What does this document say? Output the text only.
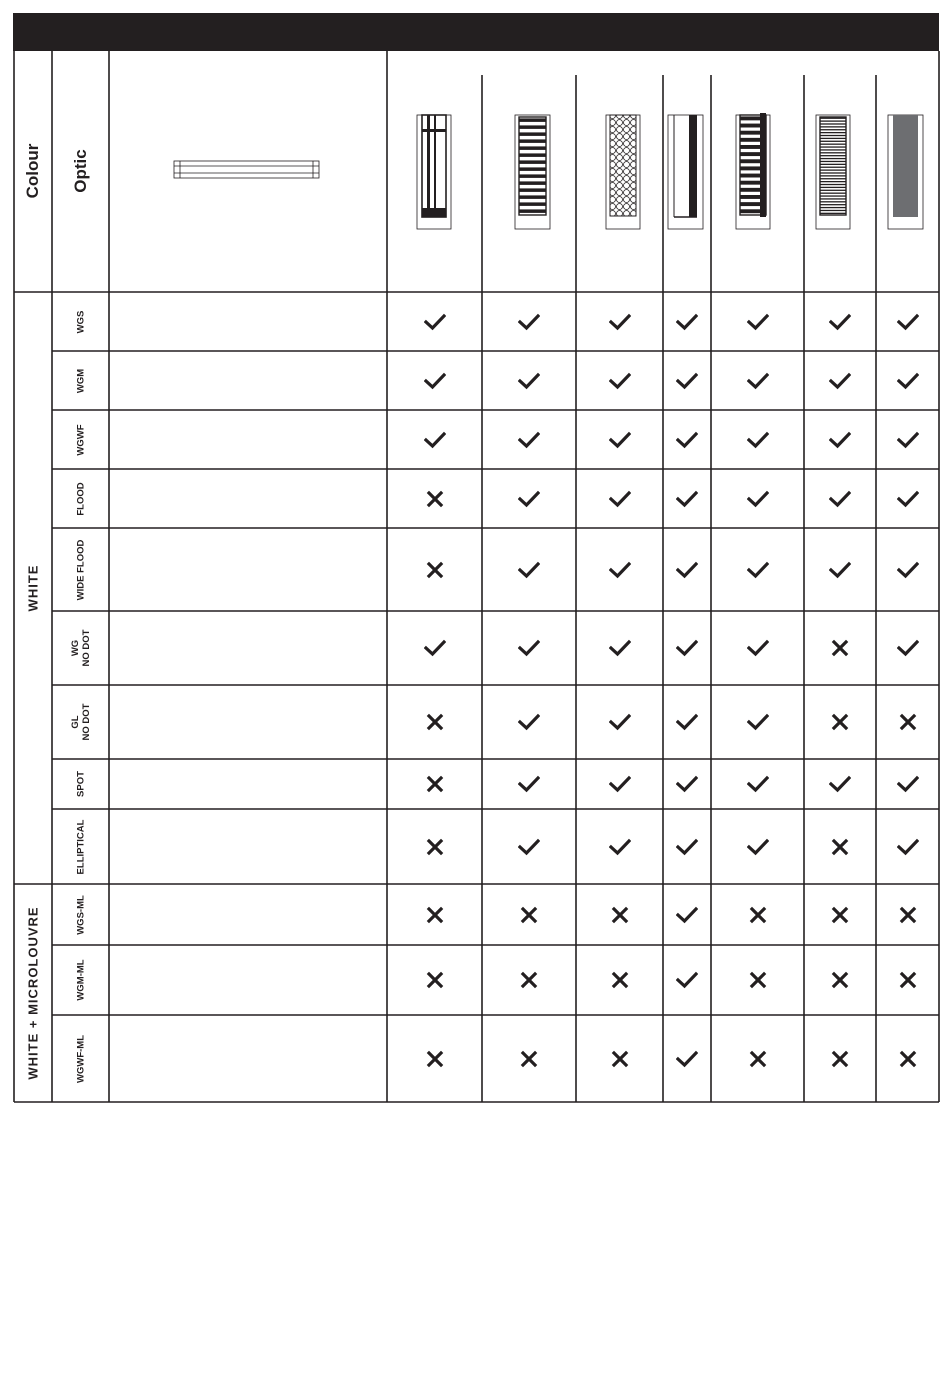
Colour Optic
WHITE
WHITE + MICROLOUVRE
WGS
WGM
WGWF
FLOOD
WIDE FLOOD
WG
NO DOT
GL
NO DOT
SPOT
ELLIPTICAL
WGS-ML
WGM-ML
WGWF-ML
